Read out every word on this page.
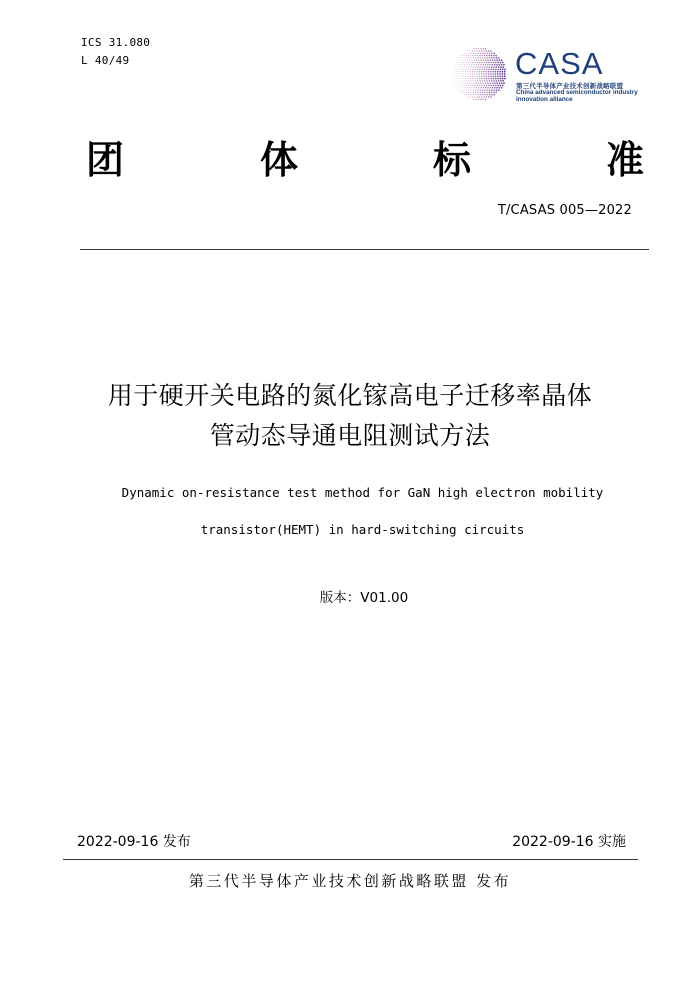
ICS 31.080
L 40/49	CASA
第三代半导体产业技术创新战略联盟
China advanced semiconductor industry
innovation alliance
团	体	标	准
T/CASAS 005—2022
用于硬开关电路的氮化镓高电子迁移率晶体
管动态导通电阻测试方法
Dynamic on-resistance test method for GaN high electron mobility
transistor(HEMT) in hard-switching circuits
版本：V01.00
2022-09-16 发布	2022-09-16 实施
第三代半导体产业技术创新战略联盟 发布
